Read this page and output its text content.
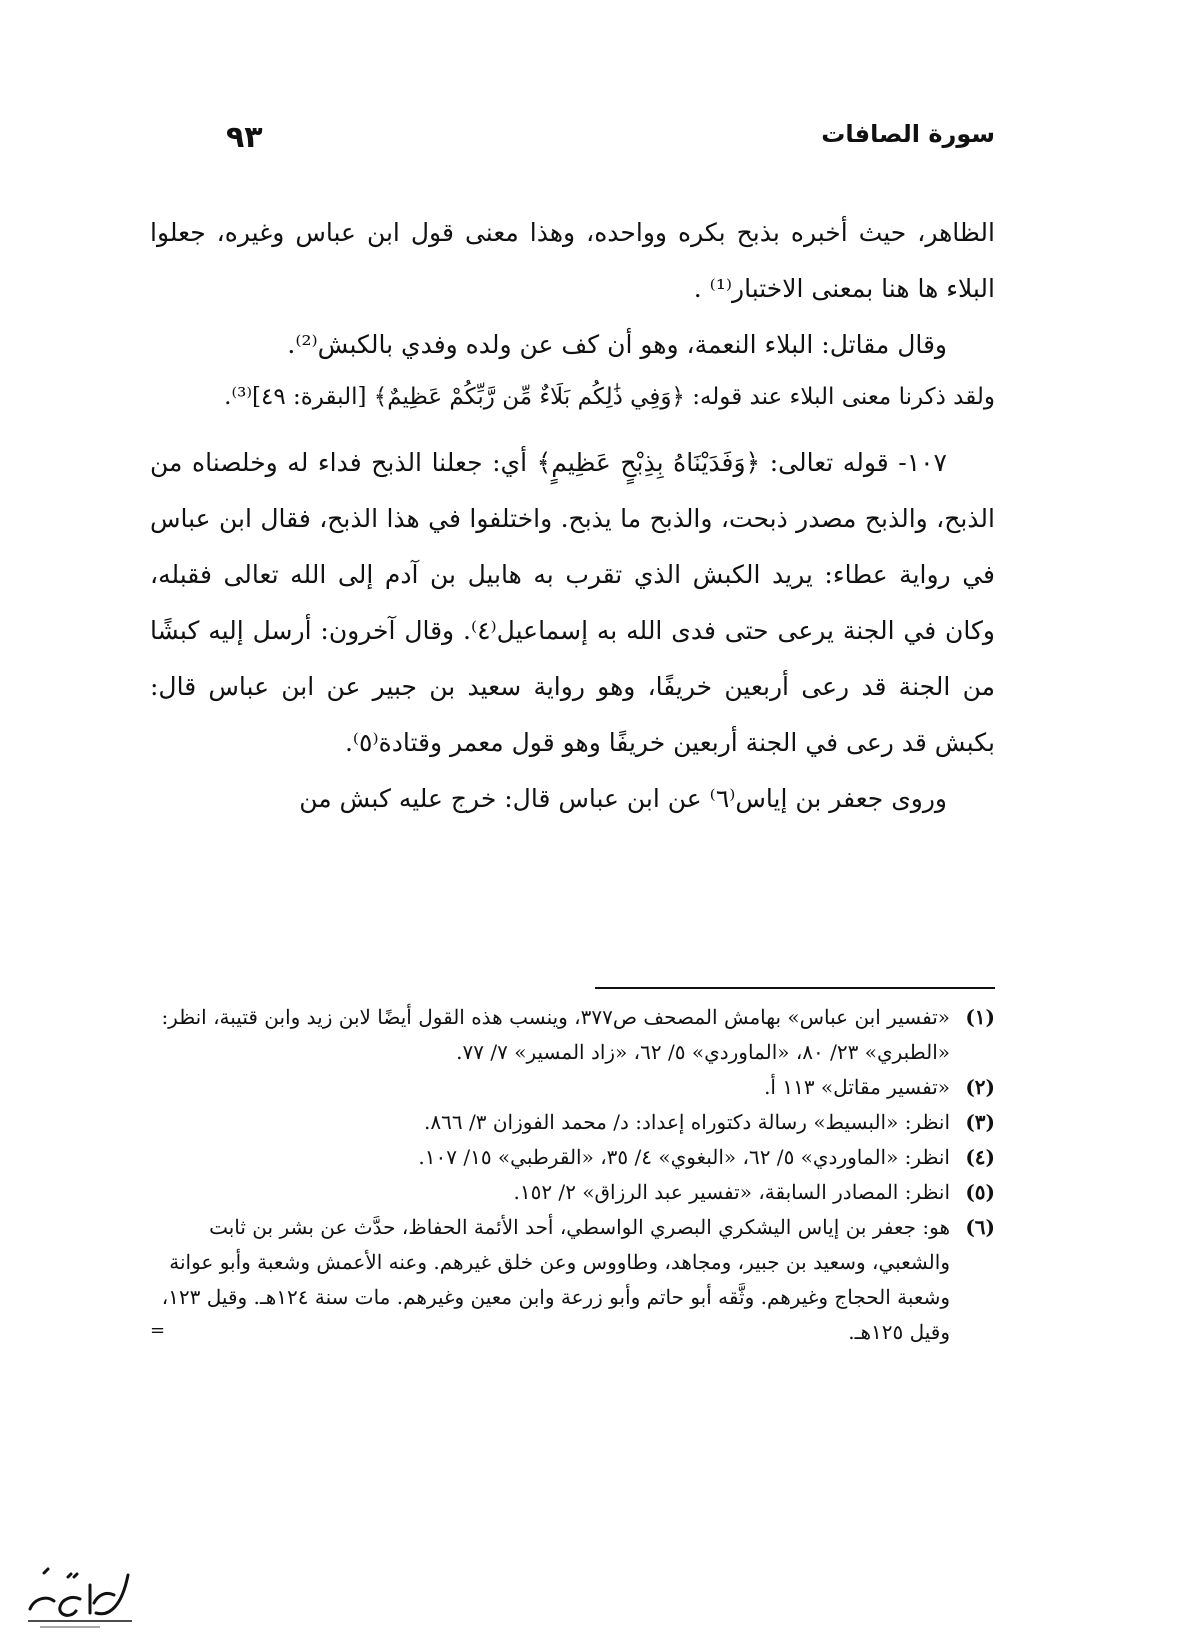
سورة الصافات
٩٣

الظاهر، حيث أخبره بذبح بكره وواحده، وهذا معنى قول ابن عباس وغيره، جعلوا البلاء ها هنا بمعنى الاختبار⁽¹⁾ .

وقال مقاتل: البلاء النعمة، وهو أن كف عن ولده وفدي بالكبش⁽²⁾.

ولقد ذكرنا معنى البلاء عند قوله: ﴿وَفِي ذَٰلِكُم بَلَاءٌ مِّن رَّبِّكُمْ عَظِيمٌ﴾ [البقرة: ٤٩]⁽³⁾.

١٠٧- قوله تعالى: ﴿وَفَدَيْنَاهُ بِذِبْحٍ عَظِيمٍ﴾ أي: جعلنا الذبح فداء له وخلصناه من الذبح، والذبح مصدر ذبحت، والذبح ما يذبح. واختلفوا في هذا الذبح، فقال ابن عباس في رواية عطاء: يريد الكبش الذي تقرب به هابيل بن آدم إلى الله تعالى فقبله، وكان في الجنة يرعى حتى فدى الله به إسماعيل⁽٤⁾. وقال آخرون: أرسل إليه كبشًا من الجنة قد رعى أربعين خريفًا، وهو رواية سعيد بن جبير عن ابن عباس قال: بكبش قد رعى في الجنة أربعين خريفًا وهو قول معمر وقتادة⁽٥⁾.

وروى جعفر بن إياس⁽٦⁾ عن ابن عباس قال: خرج عليه كبش من

(١)
«تفسير ابن عباس» بهامش المصحف ص٣٧٧، وينسب هذه القول أيضًا لابن زيد وابن قتيبة، انظر: «الطبري» ٢٣/ ٨٠، «الماوردي» ٥/ ٦٢، «زاد المسير» ٧/ ٧٧.
(٢)
«تفسير مقاتل» ١١٣ أ.
(٣)
انظر: «البسيط» رسالة دكتوراه إعداد: د/ محمد الفوزان ٣/ ٨٦٦.
(٤)
انظر: «الماوردي» ٥/ ٦٢، «البغوي» ٤/ ٣٥، «القرطبي» ١٥/ ١٠٧.
(٥)
انظر: المصادر السابقة، «تفسير عبد الرزاق» ٢/ ١٥٢.
(٦)
هو: جعفر بن إياس اليشكري البصري الواسطي، أحد الأئمة الحفاظ، حدَّث عن بشر بن ثابت والشعبي، وسعيد بن جبير، ومجاهد، وطاووس وعن خلق غيرهم. وعنه الأعمش وشعبة وأبو عوانة وشعبة الحجاج وغيرهم. وثَّقه أبو حاتم وأبو زرعة وابن معين وغيرهم. مات سنة ١٢٤هـ. وقيل ١٢٣، وقيل ١٢٥هـ.
=
